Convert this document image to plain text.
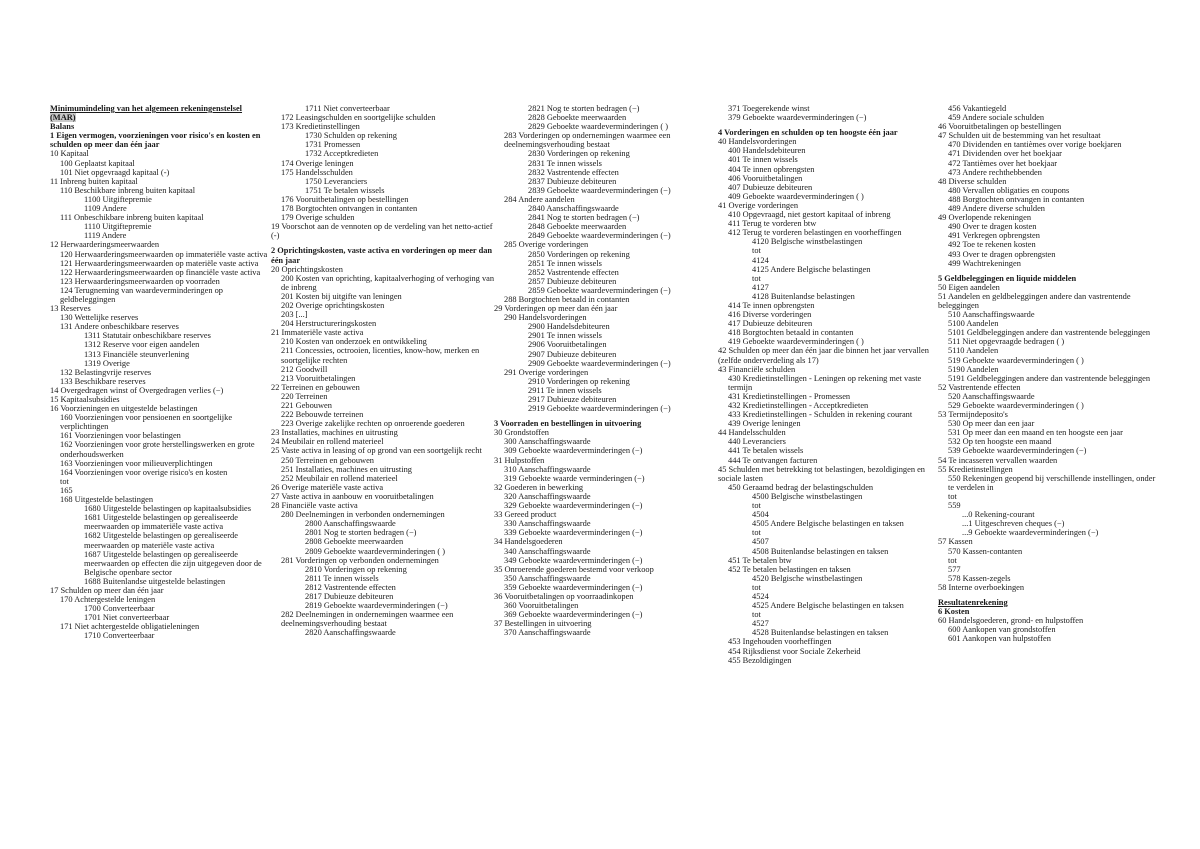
Minimumindeling van het algemeen rekeningenstelsel
(MAR)
Balans
1 Eigen vermogen, voorzieningen voor risico's en kosten en schulden op meer dan één jaar
10 Kapitaal
100 Geplaatst kapitaal
101 Niet opgevraagd kapitaal (-)
11 Inbreng buiten kapitaal
110 Beschikbare inbreng buiten kapitaal
1100 Uitgiftepremie
1109 Andere
111 Onbeschikbare inbreng buiten kapitaal
1110 Uitgiftepremie
1119 Andere
12 Herwaarderingsmeerwaarden
120 Herwaarderingsmeerwaarden op immateriële vaste activa
121 Herwaarderingsmeerwaarden op materiële vaste activa
122 Herwaarderingsmeerwaarden op financiële vaste activa
123 Herwaarderingsmeerwaarden op voorraden
124 Terugneming van waardeverminderingen op geldbeleggingen
13 Reserves
130 Wettelijke reserves
131 Andere onbeschikbare reserves
1311 Statutair onbeschikbare reserves
1312 Reserve voor eigen aandelen
1313 Financiële steunverlening
1319 Overige
132 Belastingvrije reserves
133 Beschikbare reserves
14 Overgedragen winst of Overgedragen verlies (−)
15 Kapitaalsubsidies
16 Voorzieningen en uitgestelde belastingen
160 Voorzieningen voor pensioenen en soortgelijke verplichtingen
161 Voorzieningen voor belastingen
162 Voorzieningen voor grote herstellingswerken en grote onderhoudswerken
163 Voorzieningen voor milieuverplichtingen
164 Voorzieningen voor overige risico's en kosten
tot
165
168 Uitgestelde belastingen
1680 Uitgestelde belastingen op kapitaalsubsidies
1681 Uitgestelde belastingen op gerealiseerde meerwaarden op immateriële vaste activa
1682 Uitgestelde belastingen op gerealiseerde meerwaarden op materiële vaste activa
1687 Uitgestelde belastingen op gerealiseerde meerwaarden op effecten die zijn uitgegeven door de Belgische openbare sector
1688 Buitenlandse uitgestelde belastingen
17 Schulden op meer dan één jaar
170 Achtergestelde leningen
1700 Converteerbaar
1701 Niet converteerbaar
171 Niet achtergestelde obligatieleningen
1710 Converteerbaar
1711 Niet converteerbaar
172 Leasingschulden en soortgelijke schulden
173 Kredietinstellingen
1730 Schulden op rekening
1731 Promessen
1732 Acceptkredieten
174 Overige leningen
175 Handelsschulden
1750 Leveranciers
1751 Te betalen wissels
176 Vooruitbetalingen op bestellingen
178 Borgtochten ontvangen in contanten
179 Overige schulden
19 Voorschot aan de vennoten op de verdeling van het netto-actief (-)
2 Oprichtingskosten, vaste activa en vorderingen op meer dan één jaar
20 Oprichtingskosten
200 Kosten van oprichting, kapitaalverhoging of verhoging van de inbreng
201 Kosten bij uitgifte van leningen
202 Overige oprichtingskosten
203 [...]
204 Herstructureringskosten
21 Immateriële vaste activa
210 Kosten van onderzoek en ontwikkeling
211 Concessies, octrooien, licenties, know-how, merken en soortgelijke rechten
212 Goodwill
213 Vooruitbetalingen
22 Terreinen en gebouwen
220 Terreinen
221 Gebouwen
222 Bebouwde terreinen
223 Overige zakelijke rechten op onroerende goederen
23 Installaties, machines en uitrusting
24 Meubilair en rollend materieel
25 Vaste activa in leasing of op grond van een soortgelijk recht
250 Terreinen en gebouwen
251 Installaties, machines en uitrusting
252 Meubilair en rollend materieel
26 Overige materiële vaste activa
27 Vaste activa in aanbouw en vooruitbetalingen
28 Financiële vaste activa
280 Deelnemingen in verbonden ondernemingen
2800 Aanschaffingswaarde
2801 Nog te storten bedragen (−)
2808 Geboekte meerwaarden
2809 Geboekte waardeverminderingen ( )
281 Vorderingen op verbonden ondernemingen
2810 Vorderingen op rekening
2811 Te innen wissels
2812 Vastrentende effecten
2817 Dubieuze debiteuren
2819 Geboekte waardeverminderingen (−)
282 Deelnemingen in ondernemingen waarmee een deelnemingsverhouding bestaat
2820 Aanschaffingswaarde
2821 Nog te storten bedragen (−)
2828 Geboekte meerwaarden
2829 Geboekte waardeverminderingen ( )
283 Vorderingen op ondernemingen waarmee een deelnemingsverhouding bestaat
2830 Vorderingen op rekening
2831 Te innen wissels
2832 Vastrentende effecten
2837 Dubieuze debiteuren
2839 Geboekte waardeverminderingen (−)
284 Andere aandelen
2840 Aanschaffingswaarde
2841 Nog te storten bedragen (−)
2848 Geboekte meerwaarden
2849 Geboekte waardeverminderingen (−)
285 Overige vorderingen
2850 Vorderingen op rekening
2851 Te innen wissels
2852 Vastrentende effecten
2857 Dubieuze debiteuren
2859 Geboekte waardeverminderingen (−)
288 Borgtochten betaald in contanten
29 Vorderingen op meer dan één jaar
290 Handelsvorderingen
2900 Handelsdebiteuren
2901 Te innen wissels
2906 Vooruitbetalingen
2907 Dubieuze debiteuren
2909 Geboekte waardeverminderingen (−)
291 Overige vorderingen
2910 Vorderingen op rekening
2911 Te innen wissels
2917 Dubieuze debiteuren
2919 Geboekte waardeverminderingen (−)
3 Voorraden en bestellingen in uitvoering
30 Grondstoffen
300 Aanschaffingswaarde
309 Geboekte waardeverminderingen (−)
31 Hulpstoffen
310 Aanschaffingswaarde
319 Geboekte waarde verminderingen (−)
32 Goederen in bewerking
320 Aanschaffingswaarde
329 Geboekte waardeverminderingen (−)
33 Gereed product
330 Aanschaffingswaarde
339 Geboekte waardeverminderingen (−)
34 Handelsgoederen
340 Aanschaffingswaarde
349 Geboekte waardeverminderingen (−)
35 Onroerende goederen bestemd voor verkoop
350 Aanschaffingswaarde
359 Geboekte waardeverminderingen (−)
36 Vooruitbetalingen op voorraadinkopen
360 Vooruitbetalingen
369 Geboekte waardeverminderingen (−)
37 Bestellingen in uitvoering
370 Aanschaffingswaarde
371 Toegerekende winst
379 Geboekte waardeverminderingen (−)
4 Vorderingen en schulden op ten hoogste één jaar
40 Handelsvorderingen
400 Handelsdebiteuren
401 Te innen wissels
404 Te innen opbrengsten
406 Vooruitbetalingen
407 Dubieuze debiteuren
409 Geboekte waardeverminderingen ( )
41 Overige vorderingen
410 Opgevraagd, niet gestort kapitaal of inbreng
411 Terug te vorderen btw
412 Terug te vorderen belastingen en voorheffingen
4120 Belgische winstbelastingen
tot
4124
4125 Andere Belgische belastingen
tot
4127
4128 Buitenlandse belastingen
414 Te innen opbrengsten
416 Diverse vorderingen
417 Dubieuze debiteuren
418 Borgtochten betaald in contanten
419 Geboekte waardeverminderingen ( )
42 Schulden op meer dan één jaar die binnen het jaar vervallen (zelfde onderverdeling als 17)
43 Financiële schulden
430 Kredietinstellingen - Leningen op rekening met vaste termijn
431 Kredietinstellingen - Promessen
432 Kredietinstellingen - Acceptkredieten
433 Kredietinstellingen - Schulden in rekening courant
439 Overige leningen
44 Handelsschulden
440 Leveranciers
441 Te betalen wissels
444 Te ontvangen facturen
45 Schulden met betrekking tot belastingen, bezoldigingen en sociale lasten
450 Geraamd bedrag der belastingschulden
4500 Belgische winstbelastingen
tot
4504
4505 Andere Belgische belastingen en taksen
tot
4507
4508 Buitenlandse belastingen en taksen
451 Te betalen btw
452 Te betalen belastingen en taksen
4520 Belgische winstbelastingen
tot
4524
4525 Andere Belgische belastingen en taksen
tot
4527
4528 Buitenlandse belastingen en taksen
453 Ingehouden voorheffingen
454 Rijksdienst voor Sociale Zekerheid
455 Bezoldigingen
456 Vakantiegeld
459 Andere sociale schulden
46 Vooruitbetalingen op bestellingen
47 Schulden uit de bestemming van het resultaat
470 Dividenden en tantièmes over vorige boekjaren
471 Dividenden over het boekjaar
472 Tantièmes over het boekjaar
473 Andere rechthebbenden
48 Diverse schulden
480 Vervallen obligaties en coupons
488 Borgtochten ontvangen in contanten
489 Andere diverse schulden
49 Overlopende rekeningen
490 Over te dragen kosten
491 Verkregen opbrengsten
492 Toe te rekenen kosten
493 Over te dragen opbrengsten
499 Wachtrekeningen
5 Geldbeleggingen en liquide middelen
50 Eigen aandelen
51 Aandelen en geldbeleggingen andere dan vastrentende beleggingen
510 Aanschaffingswaarde
5100 Aandelen
5101 Geldbeleggingen andere dan vastrentende beleggingen
511 Niet opgevraagde bedragen ( )
5110 Aandelen
519 Geboekte waardeverminderingen ( )
5190 Aandelen
5191 Geldbeleggingen andere dan vastrentende beleggingen
52 Vastrentende effecten
520 Aanschaffingswaarde
529 Geboekte waardeverminderingen ( )
53 Termijndeposito's
530 Op meer dan een jaar
531 Op meer dan een maand en ten hoogste een jaar
532 Op ten hoogste een maand
539 Geboekte waardeverminderingen (−)
54 Te incasseren vervallen waarden
55 Kredietinstellingen
550 Rekeningen geopend bij verschillende instellingen, onder te verdelen in
tot
559
...0 Rekening-courant
...1 Uitgeschreven cheques (−)
...9 Geboekte waardeverminderingen (−)
57 Kassen
570 Kassen-contanten
tot
577
578 Kassen-zegels
58 Interne overboekingen
Resultatenrekening
6 Kosten
60 Handelsgoederen, grond- en hulpstoffen
600 Aankopen van grondstoffen
601 Aankopen van hulpstoffen
